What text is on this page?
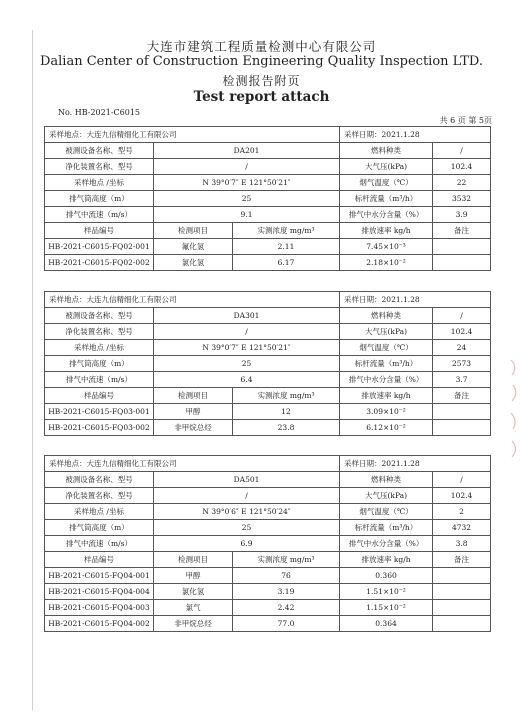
大连市建筑工程质量检测中心有限公司
Dalian Center of Construction Engineering Quality Inspection LTD.
检测报告附页
Test report attach
No. HB-2021-C6015
共 6 页 第 5页
采样地点：大连九信精细化工有限公司			采样日期：2021.1.28	
被测设备名称、型号	DA201		燃料种类	/
净化装置名称、型号	/		大气压(kPa)	102.4
采样地点 /坐标	N 39°0′7″ E 121°50′21″		烟气温度（℃）	22
排气筒高度（m）	25		标杆流量（m³/h）	3532
排气中流速（m/s）	9.1		排气中水分含量（%）	3.9
样品编号	检测项目	实测浓度 mg/m³	排放速率 kg/h	备注
HB-2021-C6015-FQ02-001	氟化氢	2.11	7.45×10⁻³	
HB-2021-C6015-FQ02-002	氯化氢	6.17	2.18×10⁻²	
采样地点：大连九信精细化工有限公司			采样日期：2021.1.28	
被测设备名称、型号	DA301		燃料种类	/
净化装置名称、型号	/		大气压(kPa)	102.4
采样地点 /坐标	N 39°0′7″ E 121°50′21″		烟气温度（℃）	24
排气筒高度（m）	25		标杆流量（m³/h）	2573
排气中流速（m/s）	6.4		排气中水分含量（%）	3.7
样品编号	检测项目	实测浓度 mg/m³	排放速率 kg/h	备注
HB-2021-C6015-FQ03-001	甲醇	12	3.09×10⁻²	
HB-2021-C6015-FQ03-002	非甲烷总烃	23.8	6.12×10⁻²	
采样地点：大连九信精细化工有限公司			采样日期：2021.1.28	
被测设备名称、型号	DA501		燃料种类	/
净化装置名称、型号	/		大气压(kPa)	102.4
采样地点 /坐标	N 39°0′6″ E 121°50′24″		烟气温度（℃）	2
排气筒高度（m）	25		标杆流量（m³/h）	4732
排气中流速（m/s）	6.9		排气中水分含量（%）	3.8
样品编号	检测项目	实测浓度 mg/m³	排放速率 kg/h	备注
HB-2021-C6015-FQ04-001	甲醇	76	0.360	
HB-2021-C6015-FQ04-004	氯化氢	3.19	1.51×10⁻²	
HB-2021-C6015-FQ04-003	氯气	2.42	1.15×10⁻²	
HB-2021-C6015-FQ04-002	非甲烷总烃	77.0	0.364	
